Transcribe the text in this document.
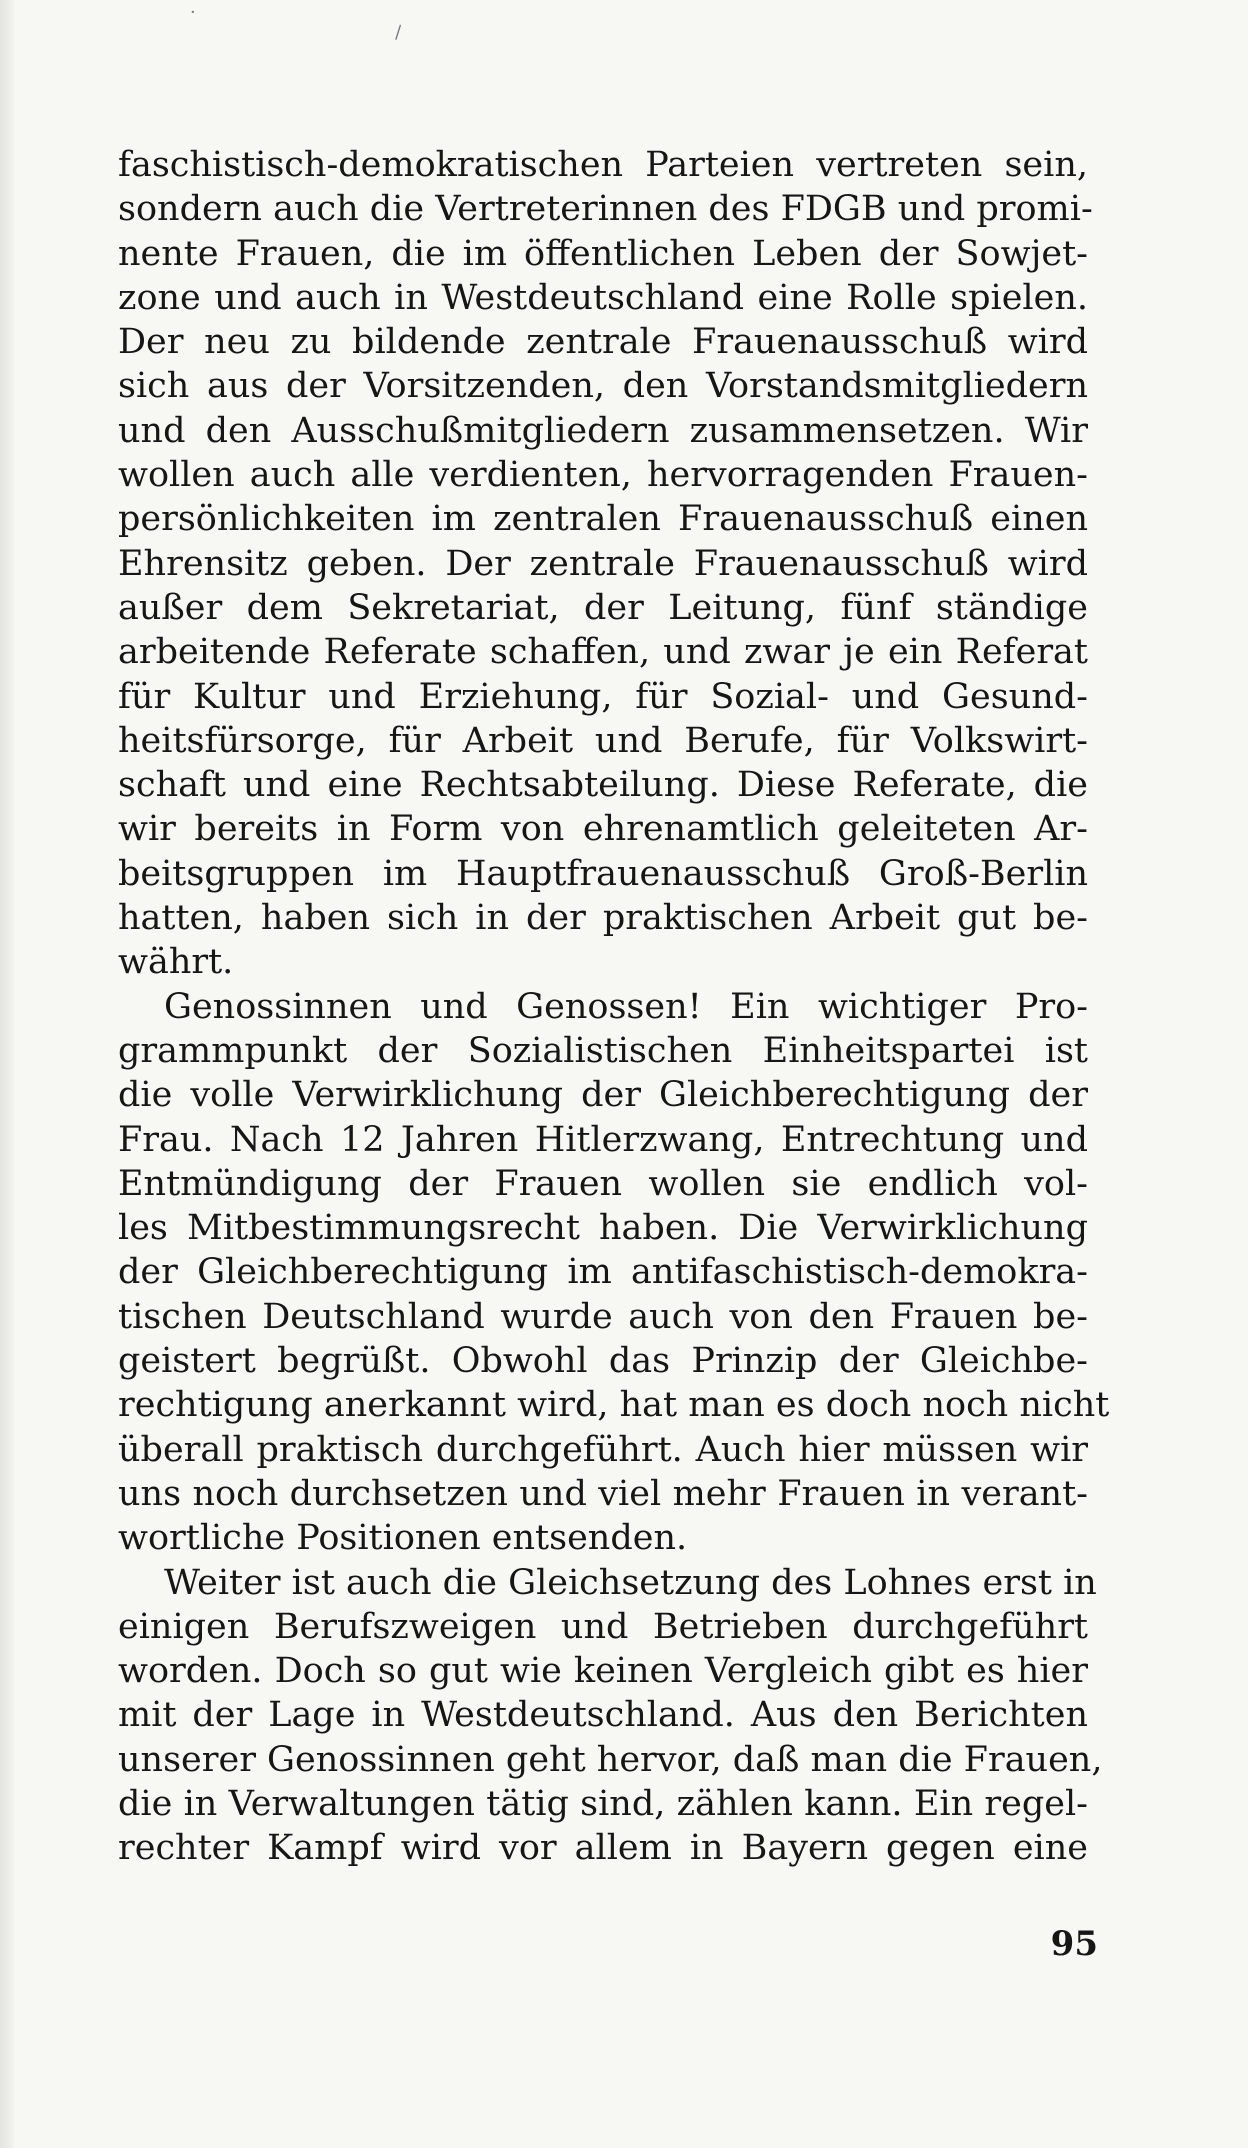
·
\
faschistisch-demokratischen Parteien vertreten sein,
sondern auch die Vertreterinnen des FDGB und promi-
nente Frauen, die im öffentlichen Leben der Sowjet-
zone und auch in Westdeutschland eine Rolle spielen.
Der neu zu bildende zentrale Frauenausschuß wird
sich aus der Vorsitzenden, den Vorstandsmitgliedern
und den Ausschußmitgliedern zusammensetzen. Wir
wollen auch alle verdienten, hervorragenden Frauen-
persönlichkeiten im zentralen Frauenausschuß einen
Ehrensitz geben. Der zentrale Frauenausschuß wird
außer dem Sekretariat, der Leitung, fünf ständige
arbeitende Referate schaffen, und zwar je ein Referat
für Kultur und Erziehung, für Sozial- und Gesund-
heitsfürsorge, für Arbeit und Berufe, für Volkswirt-
schaft und eine Rechtsabteilung. Diese Referate, die
wir bereits in Form von ehrenamtlich geleiteten Ar-
beitsgruppen im Hauptfrauenausschuß Groß-Berlin
hatten, haben sich in der praktischen Arbeit gut be-
währt.
Genossinnen und Genossen! Ein wichtiger Pro-
grammpunkt der Sozialistischen Einheitspartei ist
die volle Verwirklichung der Gleichberechtigung der
Frau. Nach 12 Jahren Hitlerzwang, Entrechtung und
Entmündigung der Frauen wollen sie endlich vol-
les Mitbestimmungsrecht haben. Die Verwirklichung
der Gleichberechtigung im antifaschistisch-demokra-
tischen Deutschland wurde auch von den Frauen be-
geistert begrüßt. Obwohl das Prinzip der Gleichbe-
rechtigung anerkannt wird, hat man es doch noch nicht
überall praktisch durchgeführt. Auch hier müssen wir
uns noch durchsetzen und viel mehr Frauen in verant-
wortliche Positionen entsenden.
Weiter ist auch die Gleichsetzung des Lohnes erst in
einigen Berufszweigen und Betrieben durchgeführt
worden. Doch so gut wie keinen Vergleich gibt es hier
mit der Lage in Westdeutschland. Aus den Berichten
unserer Genossinnen geht hervor, daß man die Frauen,
die in Verwaltungen tätig sind, zählen kann. Ein regel-
rechter Kampf wird vor allem in Bayern gegen eine
95
